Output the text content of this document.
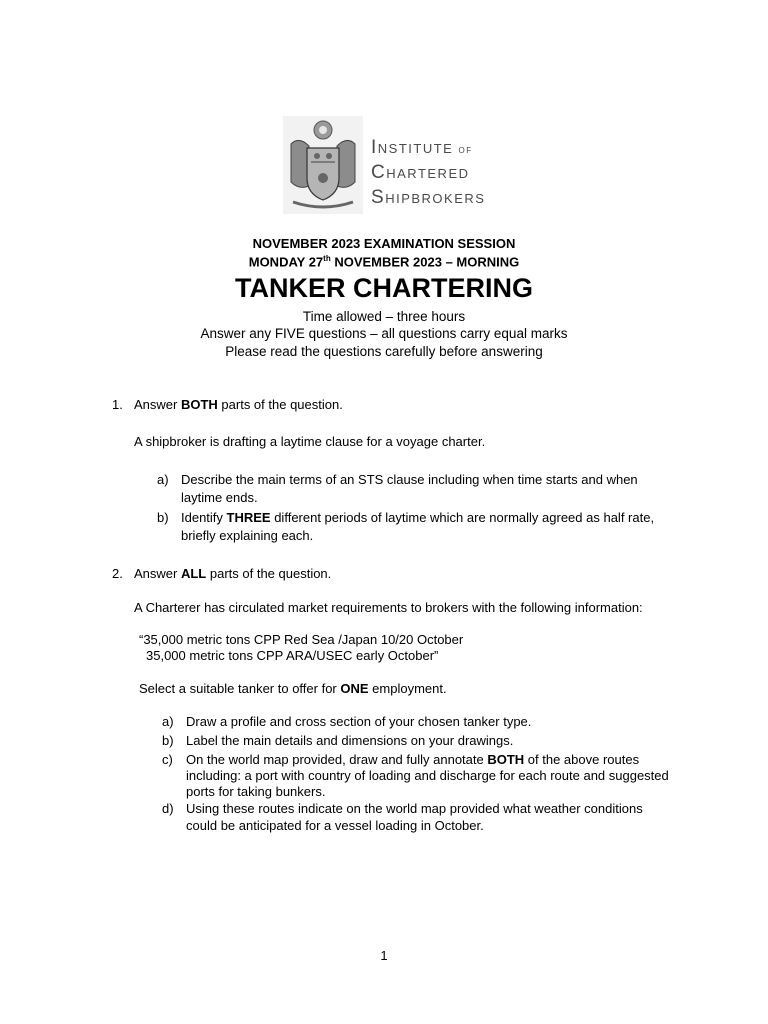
INSTITUTE OF
CHARTERED
SHIPBROKERS
NOVEMBER 2023 EXAMINATION SESSION
MONDAY 27th NOVEMBER 2023 – MORNING
TANKER CHARTERING
Time allowed – three hours
Answer any FIVE questions – all questions carry equal marks
Please read the questions carefully before answering
1. Answer BOTH parts of the question.
A shipbroker is drafting a laytime clause for a voyage charter.
a) Describe the main terms of an STS clause including when time starts and when
laytime ends.
b) Identify THREE different periods of laytime which are normally agreed as half rate,
briefly explaining each.
2. Answer ALL parts of the question.
A Charterer has circulated market requirements to brokers with the following information:
“35,000 metric tons CPP Red Sea /Japan 10/20 October
35,000 metric tons CPP ARA/USEC early October”
Select a suitable tanker to offer for ONE employment.
a) Draw a profile and cross section of your chosen tanker type.
b) Label the main details and dimensions on your drawings.
c) On the world map provided, draw and fully annotate BOTH of the above routes
including: a port with country of loading and discharge for each route and suggested
ports for taking bunkers.
d) Using these routes indicate on the world map provided what weather conditions
could be anticipated for a vessel loading in October.
1
